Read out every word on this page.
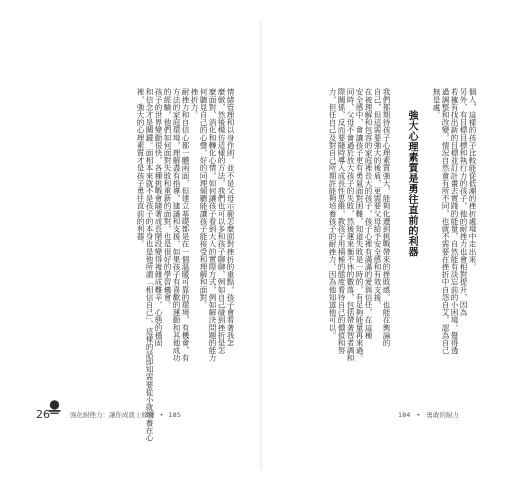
個人，這樣的孩子比較能從低潮的挫折處境中走出來。
另外，有目標目標和執行力的孩子，他的耐挫力也會相對提升，因為
若擁有找出新的目標並訂計畫去實踐的能量，自然能有淡忘前的小困境，覺得透
過調整和改變，情況自然會有所不同，也就不需要在挫折中自怨自艾，認為自己
無是處。
強大心理素質是勇往直前的利器
我們都期待孩子心理素質強大，能夠化遭到挑戰帶來的挫敗感。也能在輿論的
自己，但這需要強大的後盾，更需要父母給予安全感和有效支援。
在被理解和包容的家庭裡長大的孩子，孩子心裡有滿滿的愛與信任，在這種
安全感中，會讓孩子更有勇氣面對困難，知道失敗是一時的，有足夠能量再來過。
同時，父母不會過於放大孩子的失敗，然後運來衡不休的數落，包括帶著智者調和
際關係，反而要隨時導入成長性思維，教孩子用積極的態度看待自己的價值和努
力，但任自己及對自己所期許能夠培養孩子的耐挫力，因為他知道他可以。
184 • 勇敢的耐力
情緒管理和以身作則，並不是父母示範怎麼面對挫折的重點，孩子會看著我怎
麼做，然後模仿這樣的方法，我們也可以多和孩子聊聊，例如自己碰到挫折是怎
麼面對、消化和轉化心情，如何讓孩子看到大人的實際方式，例如解決問題的能力
何聽見自己的心聲，好的同理傾聽能讓孩子能接受和理解和面對。
挫折力。
耐挫力和自信心都一體兩面，但建立基礎都是在一個溫暖可靠的環境，有機會，有
方法的家庭環境，理解盡有指導，建議和支援，如果孩子有喜歡的運動和其他成功
的經驗，他們如何面對失敗和重新的面對，也是很好的學習機會。
孩子的世界變動很快，各種挑戰會隨著成長階段變得複雜成難辛，心態的穩固
和信念才是關鍵。面相本來就不是孩子的本身也是他所謂「相信自己」，這樣的話即知需要從小就培養在心
裡，強大的心理素質才是孩子勇往直前的利器。
26	強化耐挫力：讓你成就上條轉 • 185
